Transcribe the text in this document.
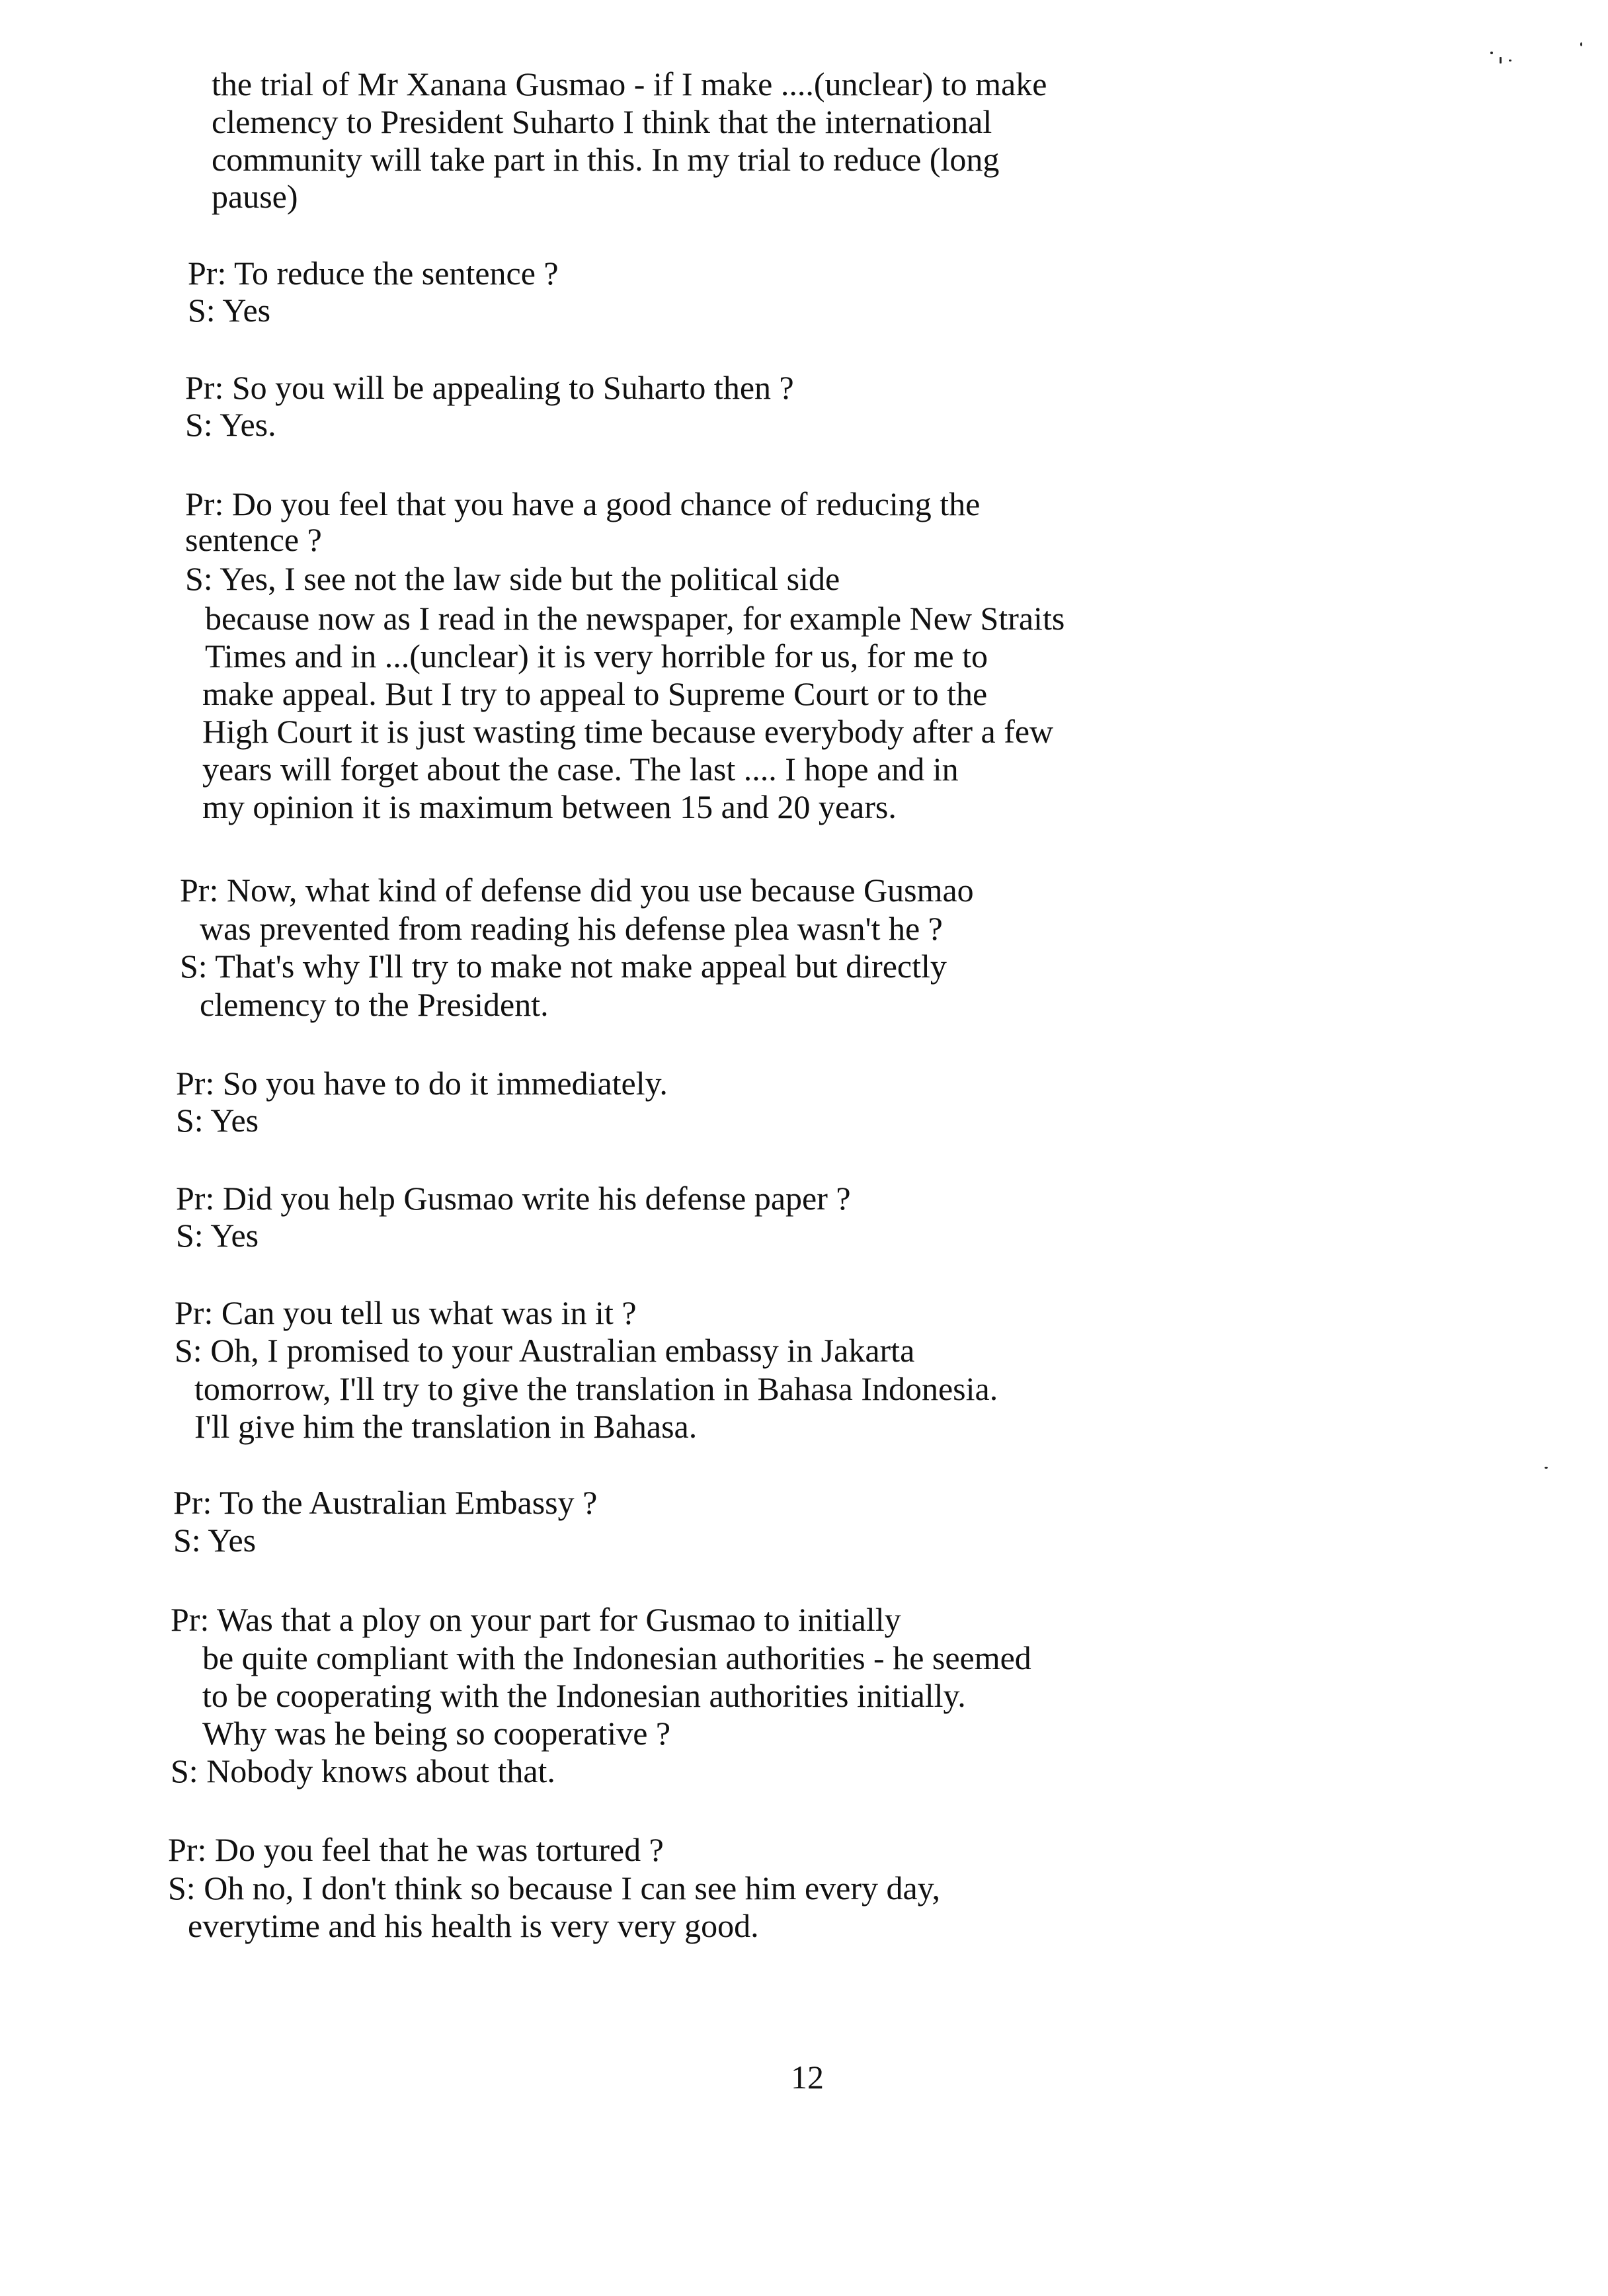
the trial of Mr Xanana Gusmao - if I make ....(unclear) to make
clemency to President Suharto I think that the international
community will take part in this. In my trial to reduce (long
pause)
Pr: To reduce the sentence ?
S: Yes
Pr: So you will be appealing to Suharto then ?
S: Yes.
Pr: Do you feel that you have a good chance of reducing the
sentence ?
S: Yes, I see not the law side but the political side
because now as I read in the newspaper, for example New Straits
Times and in ...(unclear) it is very horrible for us, for me to
make appeal. But I try to appeal to Supreme Court or to the
High Court it is just wasting time because everybody after a few
years will forget about the case. The last .... I hope and in
my opinion it is maximum between 15 and 20 years.
Pr: Now, what kind of defense did you use because Gusmao
was prevented from reading his defense plea wasn't he ?
S: That's why I'll try to make not make appeal but directly
clemency to the President.
Pr: So you have to do it immediately.
S: Yes
Pr: Did you help Gusmao write his defense paper ?
S: Yes
Pr: Can you tell us what was in it ?
S: Oh, I promised to your Australian embassy in Jakarta
tomorrow, I'll try to give the translation in Bahasa Indonesia.
I'll give him the translation in Bahasa.
Pr: To the Australian Embassy ?
S: Yes
Pr: Was that a ploy on your part for Gusmao to initially
be quite compliant with the Indonesian authorities - he seemed
to be cooperating with the Indonesian authorities initially.
Why was he being so cooperative ?
S: Nobody knows about that.
Pr: Do you feel that he was tortured ?
S: Oh no, I don't think so because I can see him every day,
everytime and his health is very very good.
12
